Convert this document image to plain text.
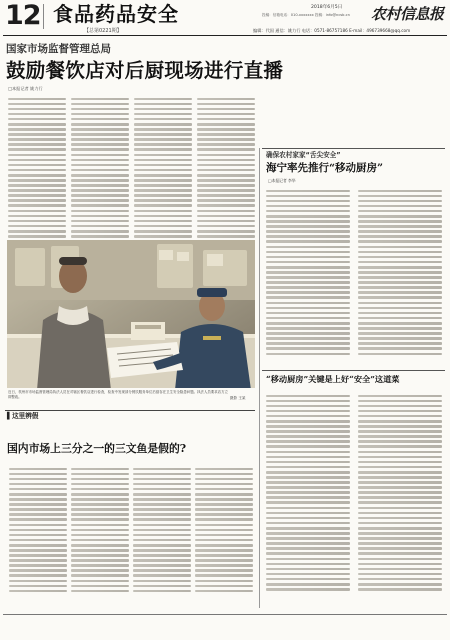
12 食品药品安全
【总第0221期】
2018年6月5日
投稿：信箱电话：010-xxxxxxx 投稿：info@ncsb.cn 农村信息报
编辑：代国 通信：姚力行 电话：0571-86757186 E-mail：496739668@qq.com
国家市场监督管理总局
鼓励餐饮店对后厨现场进行直播
□本报记者 姚力行
近日，杭州市市场监督管理局执法人员在对辖区餐饮店进行检查，检查中发现部分餐饮服务单位后厨存在卫生安全隐患问题。执法人员要求店方立即整改。	摄影 王某
确保农村家家“舌尖安全”
海宁率先推行“移动厨房”
□本报记者 李华
“移动厨房”关键是上好“安全”这道菜
▌这里辨假
国内市场上三分之一的三文鱼是假的?
